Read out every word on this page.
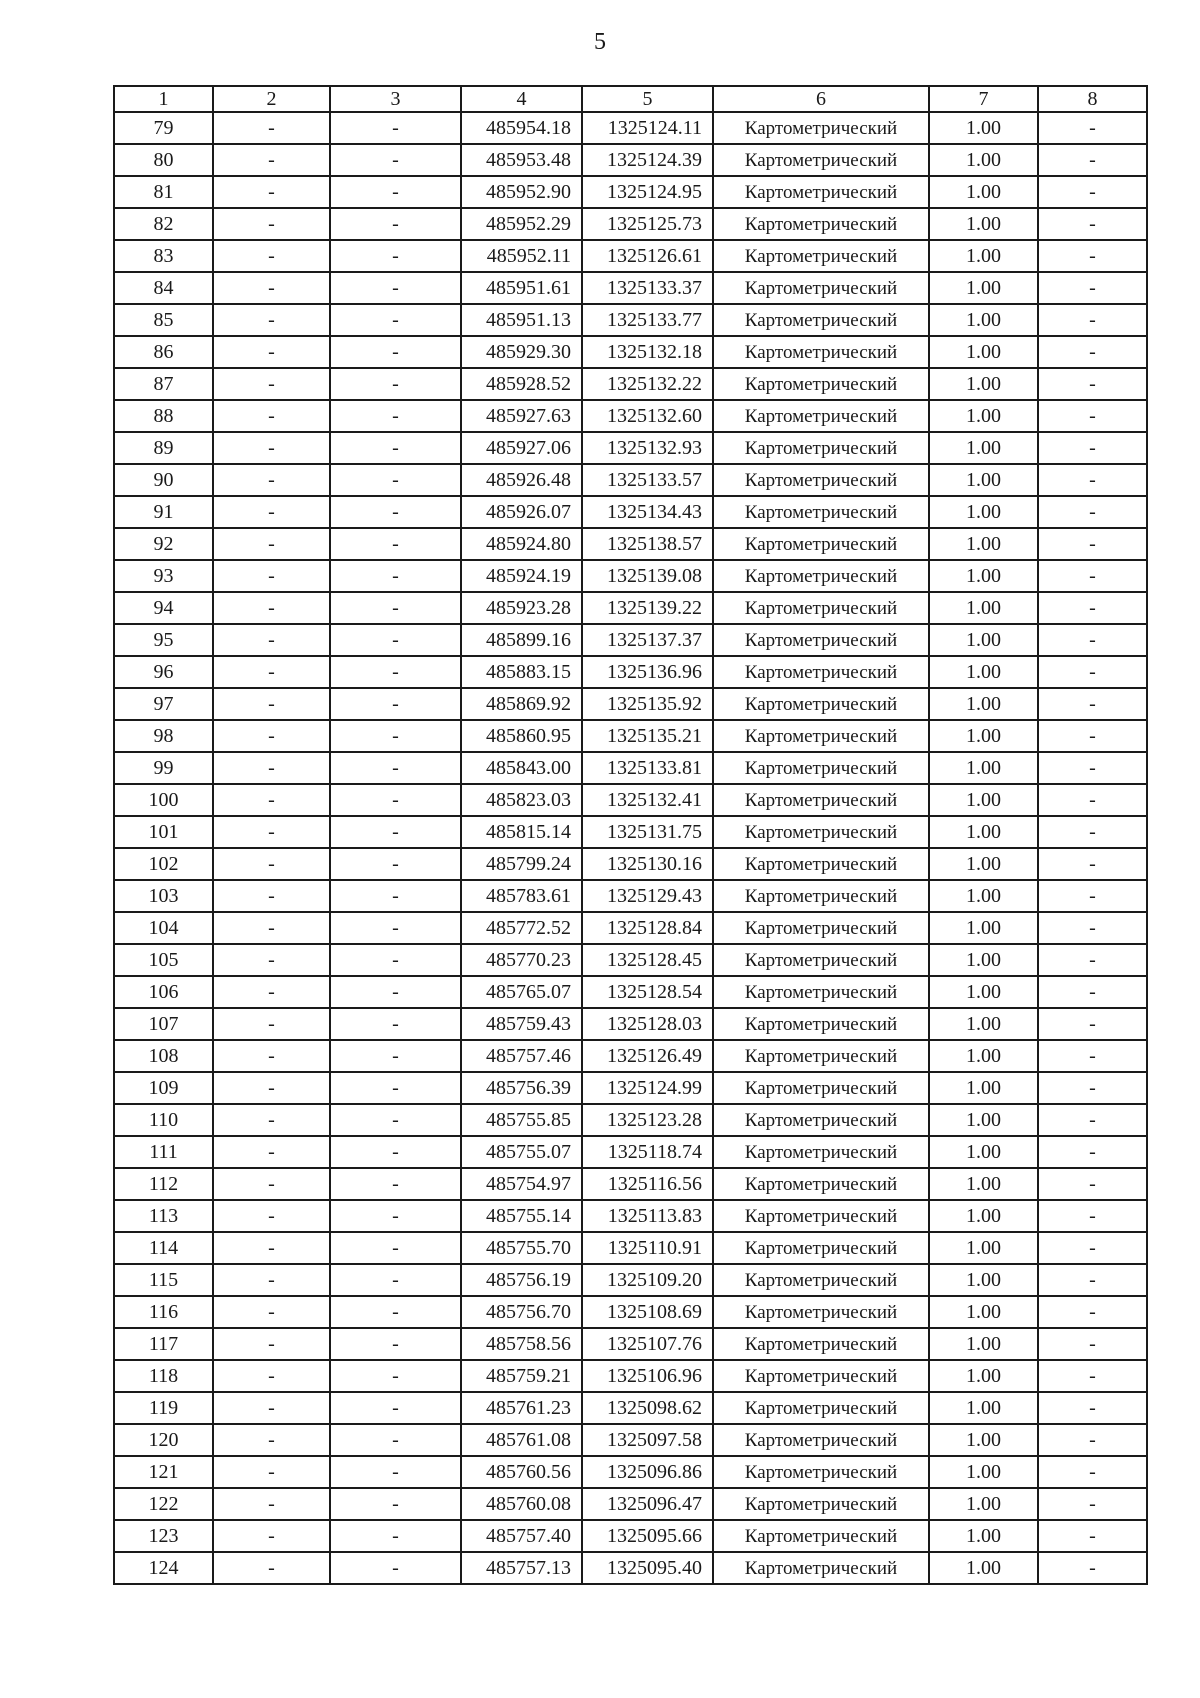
5
1	2	3	4	5	6	7	8
79	-	-	485954.18	1325124.11	Картометрический	1.00	-
80	-	-	485953.48	1325124.39	Картометрический	1.00	-
81	-	-	485952.90	1325124.95	Картометрический	1.00	-
82	-	-	485952.29	1325125.73	Картометрический	1.00	-
83	-	-	485952.11	1325126.61	Картометрический	1.00	-
84	-	-	485951.61	1325133.37	Картометрический	1.00	-
85	-	-	485951.13	1325133.77	Картометрический	1.00	-
86	-	-	485929.30	1325132.18	Картометрический	1.00	-
87	-	-	485928.52	1325132.22	Картометрический	1.00	-
88	-	-	485927.63	1325132.60	Картометрический	1.00	-
89	-	-	485927.06	1325132.93	Картометрический	1.00	-
90	-	-	485926.48	1325133.57	Картометрический	1.00	-
91	-	-	485926.07	1325134.43	Картометрический	1.00	-
92	-	-	485924.80	1325138.57	Картометрический	1.00	-
93	-	-	485924.19	1325139.08	Картометрический	1.00	-
94	-	-	485923.28	1325139.22	Картометрический	1.00	-
95	-	-	485899.16	1325137.37	Картометрический	1.00	-
96	-	-	485883.15	1325136.96	Картометрический	1.00	-
97	-	-	485869.92	1325135.92	Картометрический	1.00	-
98	-	-	485860.95	1325135.21	Картометрический	1.00	-
99	-	-	485843.00	1325133.81	Картометрический	1.00	-
100	-	-	485823.03	1325132.41	Картометрический	1.00	-
101	-	-	485815.14	1325131.75	Картометрический	1.00	-
102	-	-	485799.24	1325130.16	Картометрический	1.00	-
103	-	-	485783.61	1325129.43	Картометрический	1.00	-
104	-	-	485772.52	1325128.84	Картометрический	1.00	-
105	-	-	485770.23	1325128.45	Картометрический	1.00	-
106	-	-	485765.07	1325128.54	Картометрический	1.00	-
107	-	-	485759.43	1325128.03	Картометрический	1.00	-
108	-	-	485757.46	1325126.49	Картометрический	1.00	-
109	-	-	485756.39	1325124.99	Картометрический	1.00	-
110	-	-	485755.85	1325123.28	Картометрический	1.00	-
111	-	-	485755.07	1325118.74	Картометрический	1.00	-
112	-	-	485754.97	1325116.56	Картометрический	1.00	-
113	-	-	485755.14	1325113.83	Картометрический	1.00	-
114	-	-	485755.70	1325110.91	Картометрический	1.00	-
115	-	-	485756.19	1325109.20	Картометрический	1.00	-
116	-	-	485756.70	1325108.69	Картометрический	1.00	-
117	-	-	485758.56	1325107.76	Картометрический	1.00	-
118	-	-	485759.21	1325106.96	Картометрический	1.00	-
119	-	-	485761.23	1325098.62	Картометрический	1.00	-
120	-	-	485761.08	1325097.58	Картометрический	1.00	-
121	-	-	485760.56	1325096.86	Картометрический	1.00	-
122	-	-	485760.08	1325096.47	Картометрический	1.00	-
123	-	-	485757.40	1325095.66	Картометрический	1.00	-
124	-	-	485757.13	1325095.40	Картометрический	1.00	-
